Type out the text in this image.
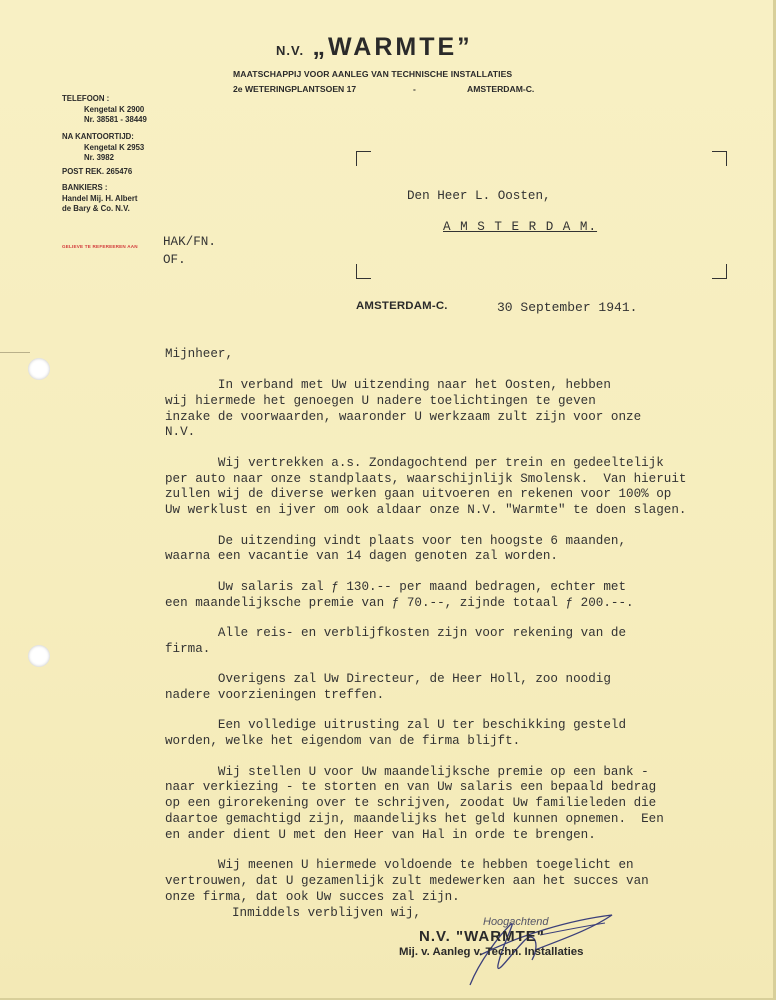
N.V. „WARMTE”
MAATSCHAPPIJ VOOR AANLEG VAN TECHNISCHE INSTALLATIES
2e WETERINGPLANTSOEN 17	-	AMSTERDAM-C.
TELEFOON :
Kengetal K 2900
Nr. 38581 - 38449
NA KANTOORTIJD:
Kengetal K 2953
Nr. 3982
POST REK. 265476
BANKIERS :
Handel Mij. H. Albert
de Bary & Co. N.V.
GELIEVE TE REFEREEREN AAN HAK/FN.
OF.
Den Heer L. Oosten,
A M S T E R D A M.
AMSTERDAM-C.	30 September 1941.
Mijnheer,
In verband met Uw uitzending naar het Oosten, hebben
wij hiermede het genoegen U nadere toelichtingen te geven
inzake de voorwaarden, waaronder U werkzaam zult zijn voor onze
N.V.
Wij vertrekken a.s. Zondagochtend per trein en gedeeltelijk
per auto naar onze standplaats, waarschijnlijk Smolensk.  Van hieruit
zullen wij de diverse werken gaan uitvoeren en rekenen voor 100% op
Uw werklust en ijver om ook aldaar onze N.V. "Warmte" te doen slagen.
De uitzending vindt plaats voor ten hoogste 6 maanden,
waarna een vacantie van 14 dagen genoten zal worden.
Uw salaris zal ƒ 130.-- per maand bedragen, echter met
een maandelijksche premie van ƒ 70.--, zijnde totaal ƒ 200.--.
Alle reis- en verblijfkosten zijn voor rekening van de
firma.
Overigens zal Uw Directeur, de Heer Holl, zoo noodig
nadere voorzieningen treffen.
Een volledige uitrusting zal U ter beschikking gesteld
worden, welke het eigendom van de firma blijft.
Wij stellen U voor Uw maandelijksche premie op een bank -
naar verkiezing - te storten en van Uw salaris een bepaald bedrag
op een girorekening over te schrijven, zoodat Uw familieleden die
daartoe gemachtigd zijn, maandelijks het geld kunnen opnemen.  Een
en ander dient U met den Heer van Hal in orde te brengen.
Wij meenen U hiermede voldoende te hebben toegelicht en
vertrouwen, dat U gezamenlijk zult medewerken aan het succes van
onze firma, dat ook Uw succes zal zijn.
Inmiddels verblijven wij,
Hoogachtend
N.V. "WARMTE"
Mij. v. Aanleg v. Techn. Installaties
